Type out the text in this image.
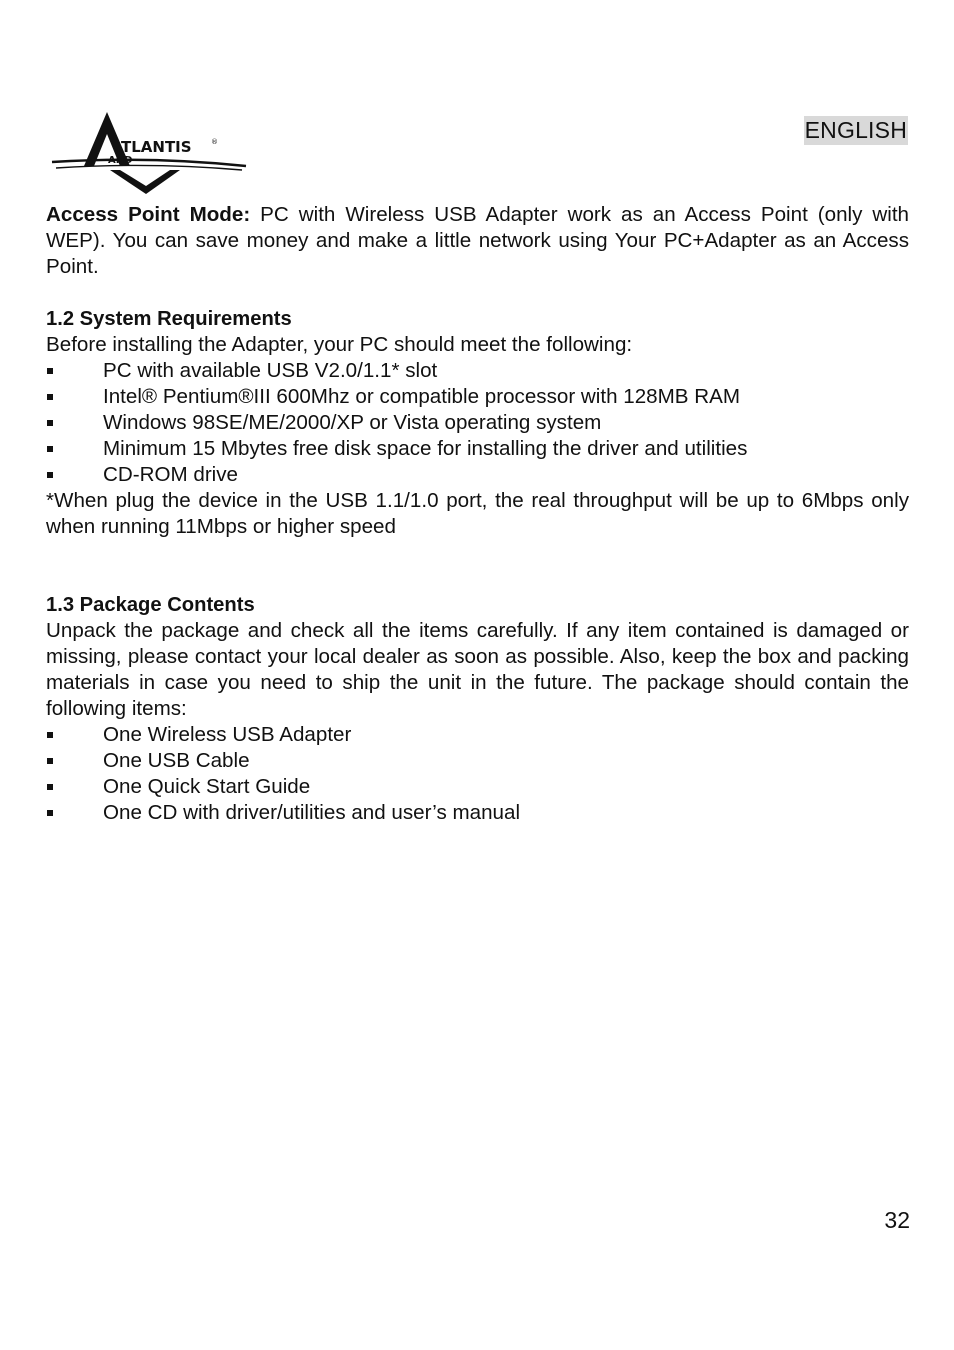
TLANTIS
AND
®	ENGLISH

Access Point Mode: PC with Wireless USB Adapter work as an Access Point (only with WEP). You can save money and make a little network using Your PC+Adapter as an Access Point.

1.2 System Requirements

Before installing the Adapter, your PC should meet the following:

PC with available USB V2.0/1.1* slot
Intel® Pentium®III 600Mhz or compatible processor with 128MB RAM
Windows 98SE/ME/2000/XP or Vista operating system
Minimum 15 Mbytes free disk space for installing the driver and utilities
CD-ROM drive

*When plug the device in the USB 1.1/1.0 port, the real throughput will be up to 6Mbps only when running 11Mbps or higher speed

1.3 Package Contents

Unpack the package and check all the items carefully. If any item contained is damaged or missing, please contact your local dealer as soon as possible. Also, keep the box and packing materials in case you need to ship the unit in the future. The package should contain the following items:

One Wireless USB Adapter
One USB Cable
One Quick Start Guide
One CD with driver/utilities and user’s manual
32
